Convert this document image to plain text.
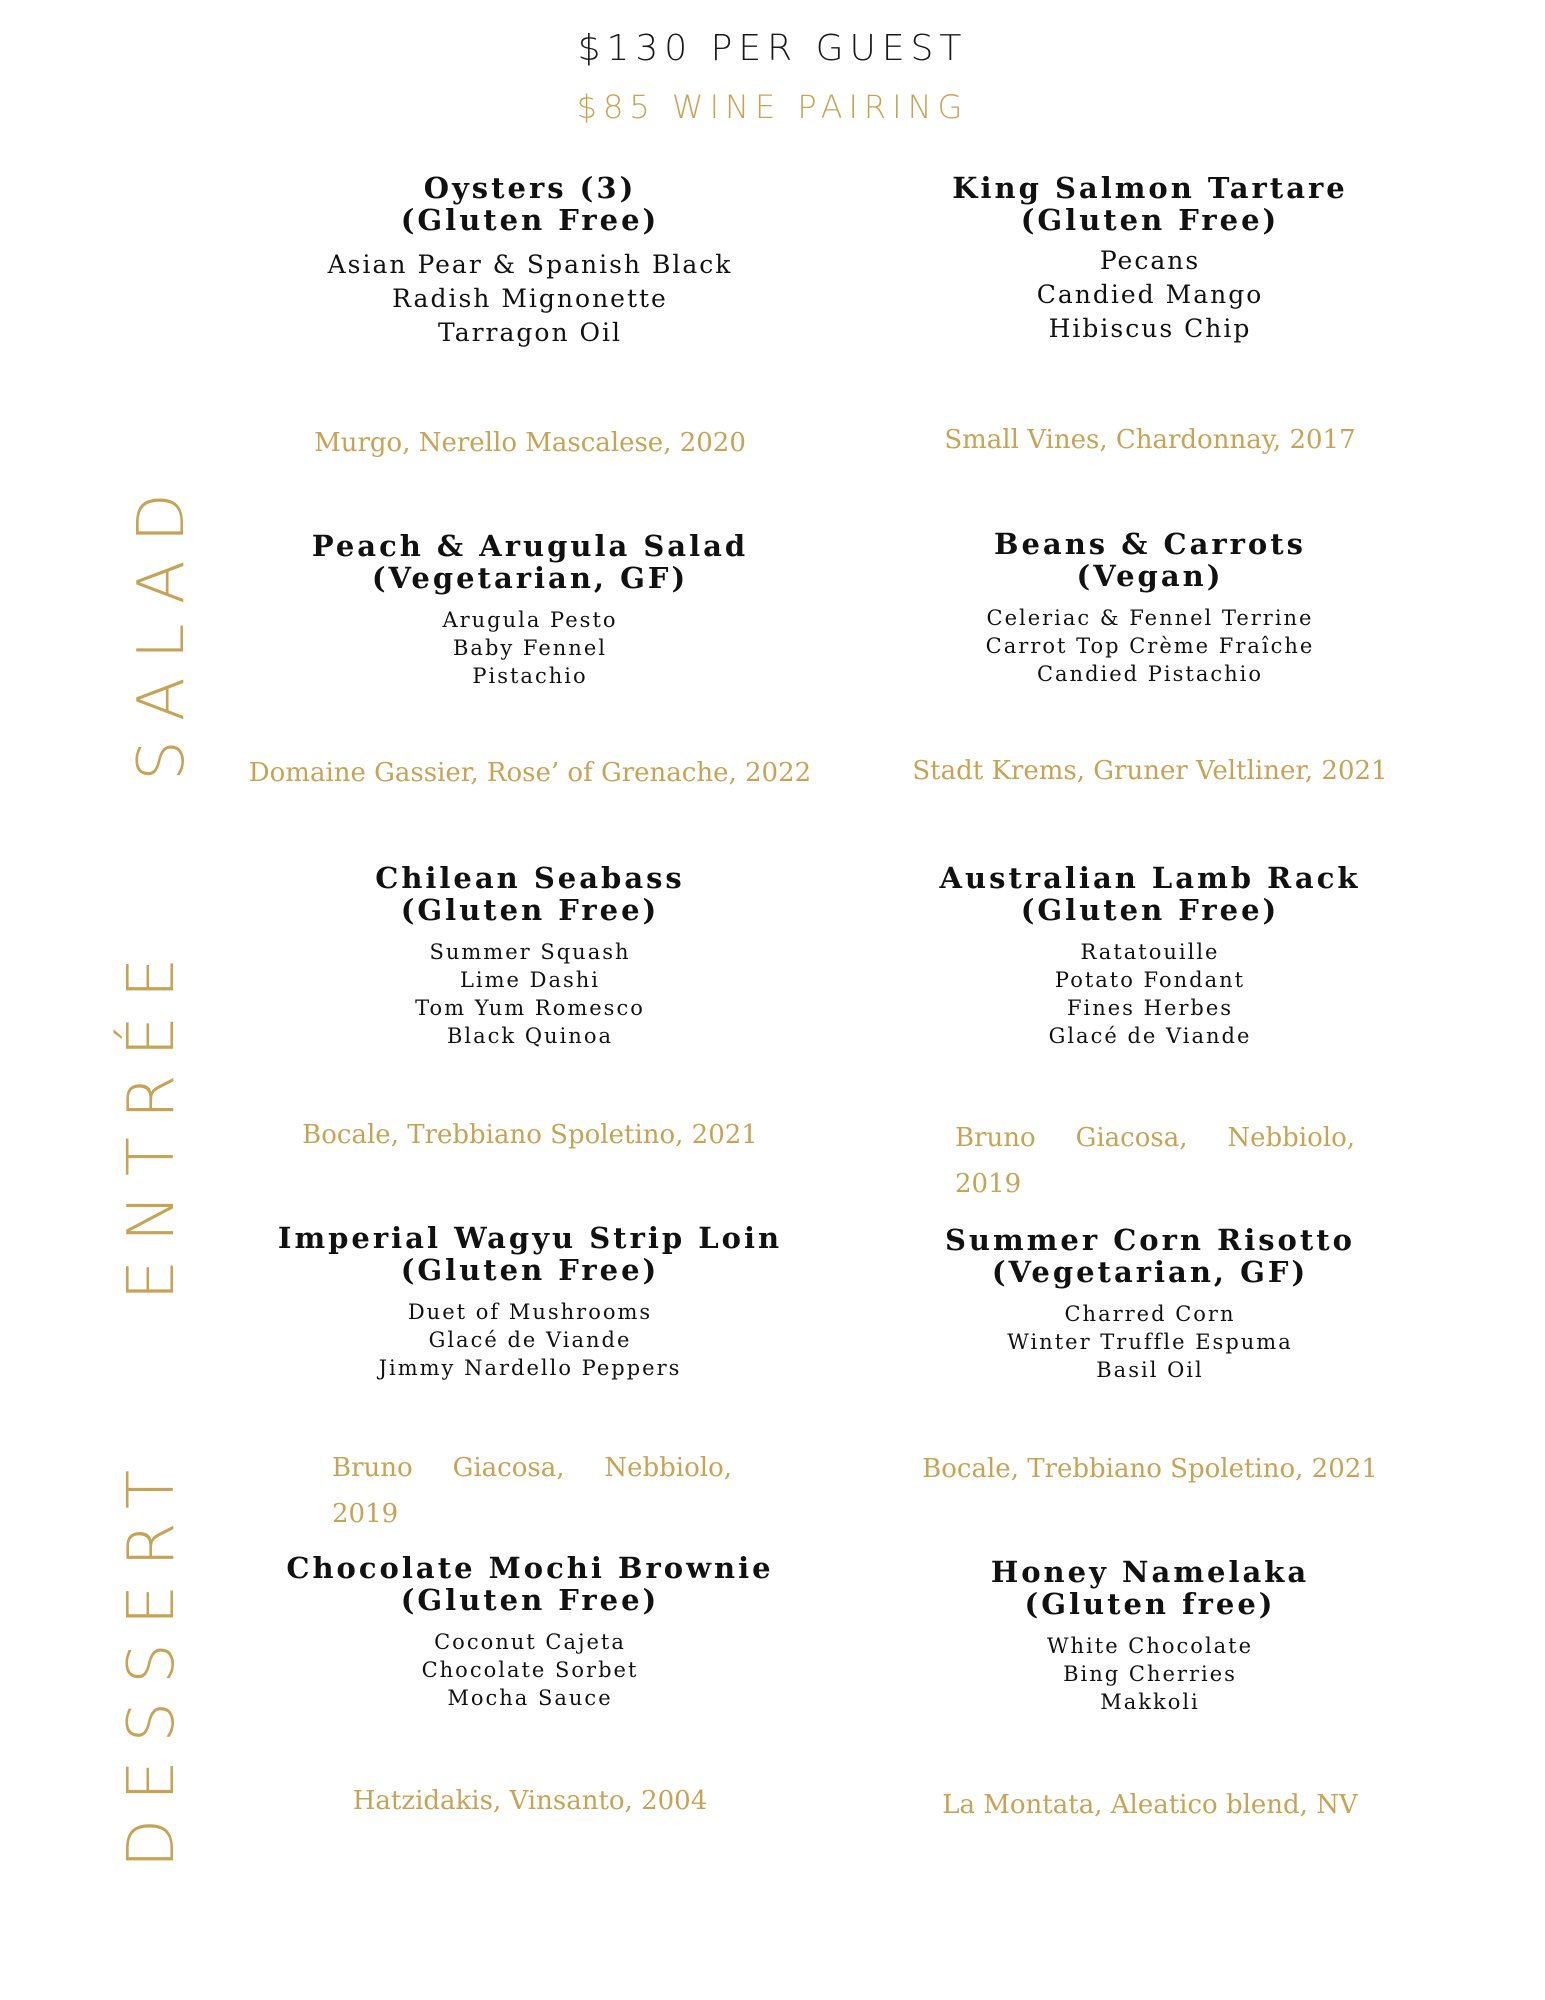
$130 PER GUEST
$85 WINE PAIRING
SALAD
ENTRÉE
DESSERT
Oysters (3)
(Gluten Free)
Asian Pear & Spanish Black
Radish Mignonette
Tarragon Oil
Murgo, Nerello Mascalese, 2020
King Salmon Tartare
(Gluten Free)
Pecans
Candied Mango
Hibiscus Chip
Small Vines, Chardonnay, 2017
Peach & Arugula Salad
(Vegetarian, GF)
Arugula Pesto
Baby Fennel
Pistachio
Domaine Gassier, Rose’ of Grenache, 2022
Beans & Carrots
(Vegan)
Celeriac & Fennel Terrine
Carrot Top Crème Fraîche
Candied Pistachio
Stadt Krems, Gruner Veltliner, 2021
Chilean Seabass
(Gluten Free)
Summer Squash
Lime Dashi
Tom Yum Romesco
Black Quinoa
Bocale, Trebbiano Spoletino, 2021
Australian Lamb Rack
(Gluten Free)
Ratatouille
Potato Fondant
Fines Herbes
Glacé de Viande
Bruno Giacosa, Nebbiolo, 2019
Imperial Wagyu Strip Loin
(Gluten Free)
Duet of Mushrooms
Glacé de Viande
Jimmy Nardello Peppers
Bruno Giacosa, Nebbiolo, 2019
Summer Corn Risotto
(Vegetarian, GF)
Charred Corn
Winter Truffle Espuma
Basil Oil
Bocale, Trebbiano Spoletino, 2021
Chocolate Mochi Brownie
(Gluten Free)
Coconut Cajeta
Chocolate Sorbet
Mocha Sauce
Hatzidakis, Vinsanto, 2004
Honey Namelaka
(Gluten free)
White Chocolate
Bing Cherries
Makkoli
La Montata, Aleatico blend, NV
